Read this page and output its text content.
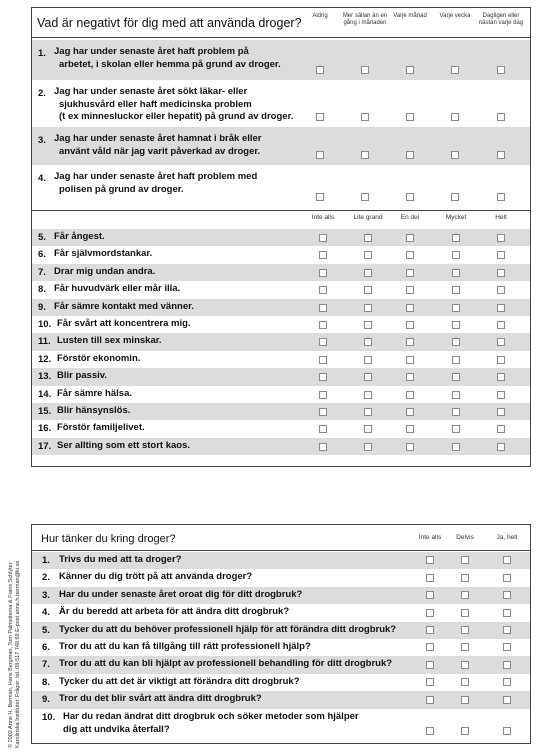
Vad är negativt för dig med att använda droger?	Aldrig	Mer sällan än en gång i månaden
Varje månad	Varje vecka	Dagligen eller nästan varje dag
1. Jag har under senaste året haft problem på
arbetet, i skolan eller hemma på grund av droger.
2. Jag har under senaste året sökt läkar- eller
sjukhusvård eller haft medicinska problem
(t ex minnesluckor eller hepatit) på grund av droger.
3. Jag har under senaste året hamnat i bråk eller
använt våld när jag varit påverkad av droger.
4. Jag har under senaste året haft problem med
polisen på grund av droger.
Inte alls	Lite grand	En del	Mycket	Helt
5. Får ångest.
6. Får självmordstankar.
7. Drar mig undan andra.
8. Får huvudvärk eller mår illa.
9. Får sämre kontakt med vänner.
10. Får svårt att koncentrera mig.
11. Lusten till sex minskar.
12. Förstör ekonomin.
13. Blir passiv.
14. Får sämre hälsa.
15. Blir hänsynslös.
16. Förstör familjelivet.
17. Ser allting som ett stort kaos.
Hur tänker du kring droger?	Inte alls	Delvis	Ja, helt
1. Trivs du med att ta droger?
2. Känner du dig trött på att använda droger?
3. Har du under senaste året oroat dig för ditt drogbruk?
4. Är du beredd att arbeta för att ändra ditt drogbruk?
5. Tycker du att du behöver professionell hjälp för att förändra ditt drogbruk?
6. Tror du att du kan få tillgång till rätt professionell hjälp?
7. Tror du att du kan bli hjälpt av professionell behandling för ditt drogbruk?
8. Tycker du att det är viktigt att förändra ditt drogbruk?
9. Tror du det blir svårt att ändra ditt drogbruk?
10. Har du redan ändrat ditt drogbruk och söker metoder som hjälper
dig att undvika återfall?
© 2002 Anne H. Berman, Hans Bergman, Tom Palmstierna & Frans Schlyter Karolinska Institutet: Frågor: tel. 08-517 748 69 E-post anne.h.berman@ki.se
